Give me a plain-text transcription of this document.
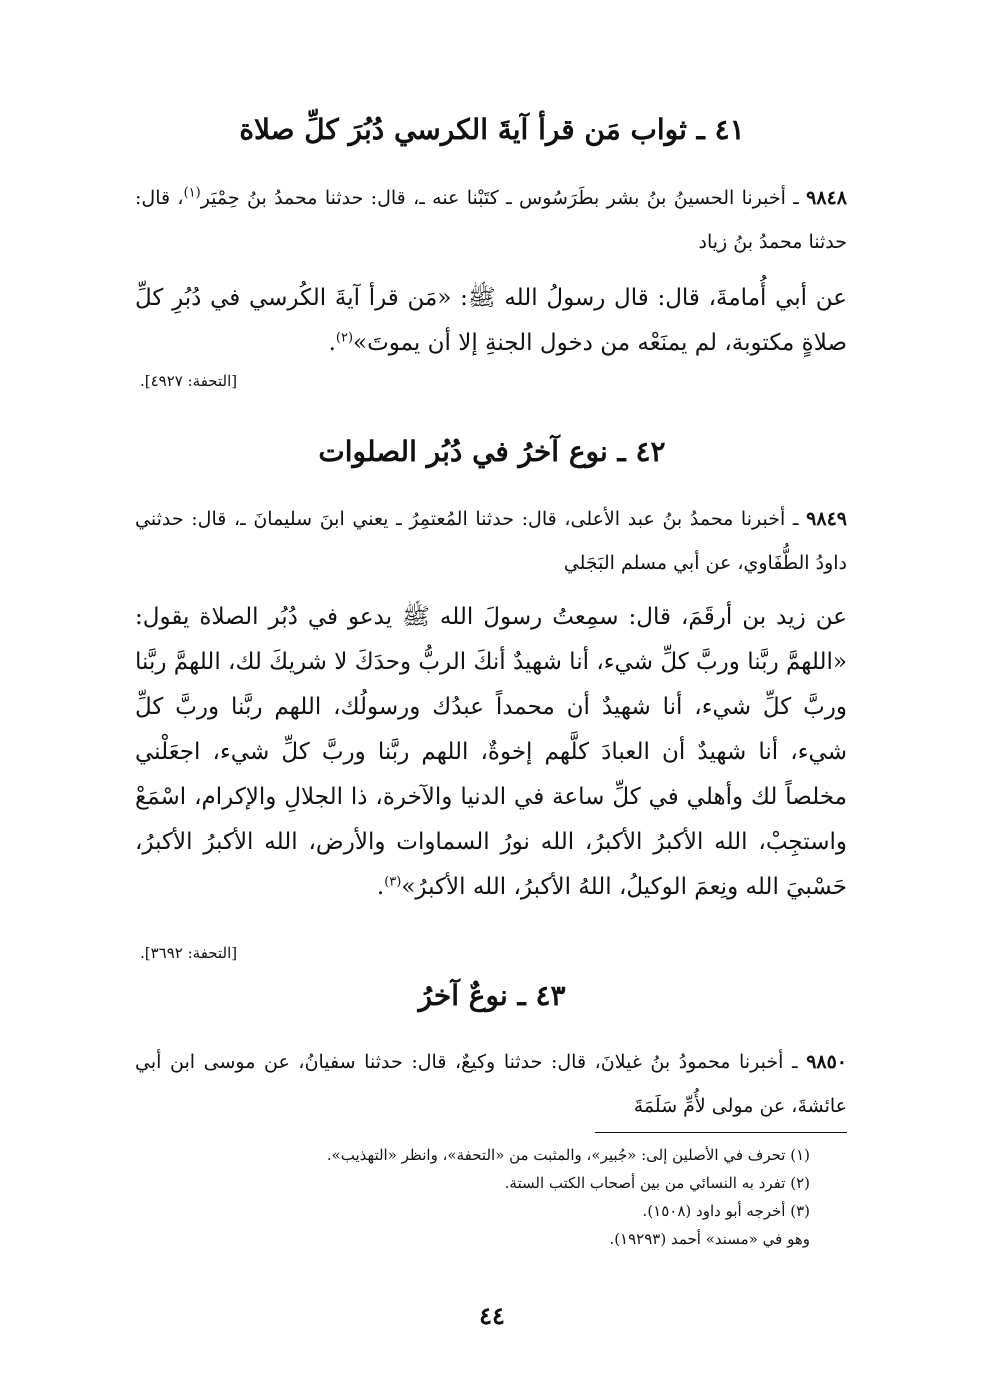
٤١ ـ ثواب مَن قرأ آيةَ الكرسي دُبُرَ كلِّ صلاة
٩٨٤٨ ـ أخبرنا الحسينُ بنُ بشر بطَرَسُوس ـ كتَبْنا عنه ـ، قال: حدثنا محمدُ بنُ حِمْيَر$^{(١)}$، قال: حدثنا محمدُ بنُ زياد
عن أبي أُمامةَ، قال: قال رسولُ الله ﷺ: «مَن قرأ آيةَ الكُرسي في دُبُرِ كلِّ صلاةٍ مكتوبة، لم يمنَعْه من دخول الجنةِ إلا أن يموتَ»$^{(٢)}$.
[التحفة: ٤٩٢٧].
٤٢ ـ نوع آخرُ في دُبُر الصلوات
٩٨٤٩ ـ أخبرنا محمدُ بنُ عبد الأعلى، قال: حدثنا المُعتمِرُ ـ يعني ابنَ سليمانَ ـ، قال: حدثني داودُ الطُّفَاوي، عن أبي مسلم البَجَلي
عن زيد بن أرقَمَ، قال: سمِعتُ رسولَ الله ﷺ يدعو في دُبُر الصلاة يقول: «اللهمَّ ربَّنا وربَّ كلِّ شيء، أنا شهيدٌ أنكَ الربُّ وحدَكَ لا شريكَ لك، اللهمَّ ربَّنا وربَّ كلِّ شيء، أنا شهيدٌ أن محمداً عبدُك ورسولُك، اللهم ربَّنا وربَّ كلِّ شيء، أنا شهيدٌ أن العبادَ كلَّهم إخوةٌ، اللهم ربَّنا وربَّ كلِّ شيء، اجعَلْني مخلصاً لك وأهلي في كلِّ ساعة في الدنيا والآخرة، ذا الجلالِ والإكرام، اسْمَعْ واستجِبْ، الله الأكبرُ الأكبرُ، الله نورُ السماوات والأرض، الله الأكبرُ الأكبرُ، حَسْبيَ الله ونِعمَ الوكيلُ، اللهُ الأكبرُ، الله الأكبرُ»$^{(٣)}$.
[التحفة: ٣٦٩٢].
٤٣ ـ نوعٌ آخرُ
٩٨٥٠ ـ أخبرنا محمودُ بنُ غيلانَ، قال: حدثنا وكيعٌ، قال: حدثنا سفيانُ، عن موسى ابن أبي عائشةَ، عن مولى لأُمِّ سَلَمَةَ
(١) تحرف في الأصلين إلى: «جُبير»، والمثبت من «التحفة»، وانظر «التهذيب».
(٢) تفرد به النسائي من بين أصحاب الكتب الستة.
(٣) أخرجه أبو داود (١٥٠٨).
وهو في «مسند» أحمد (١٩٢٩٣).
٤٤
